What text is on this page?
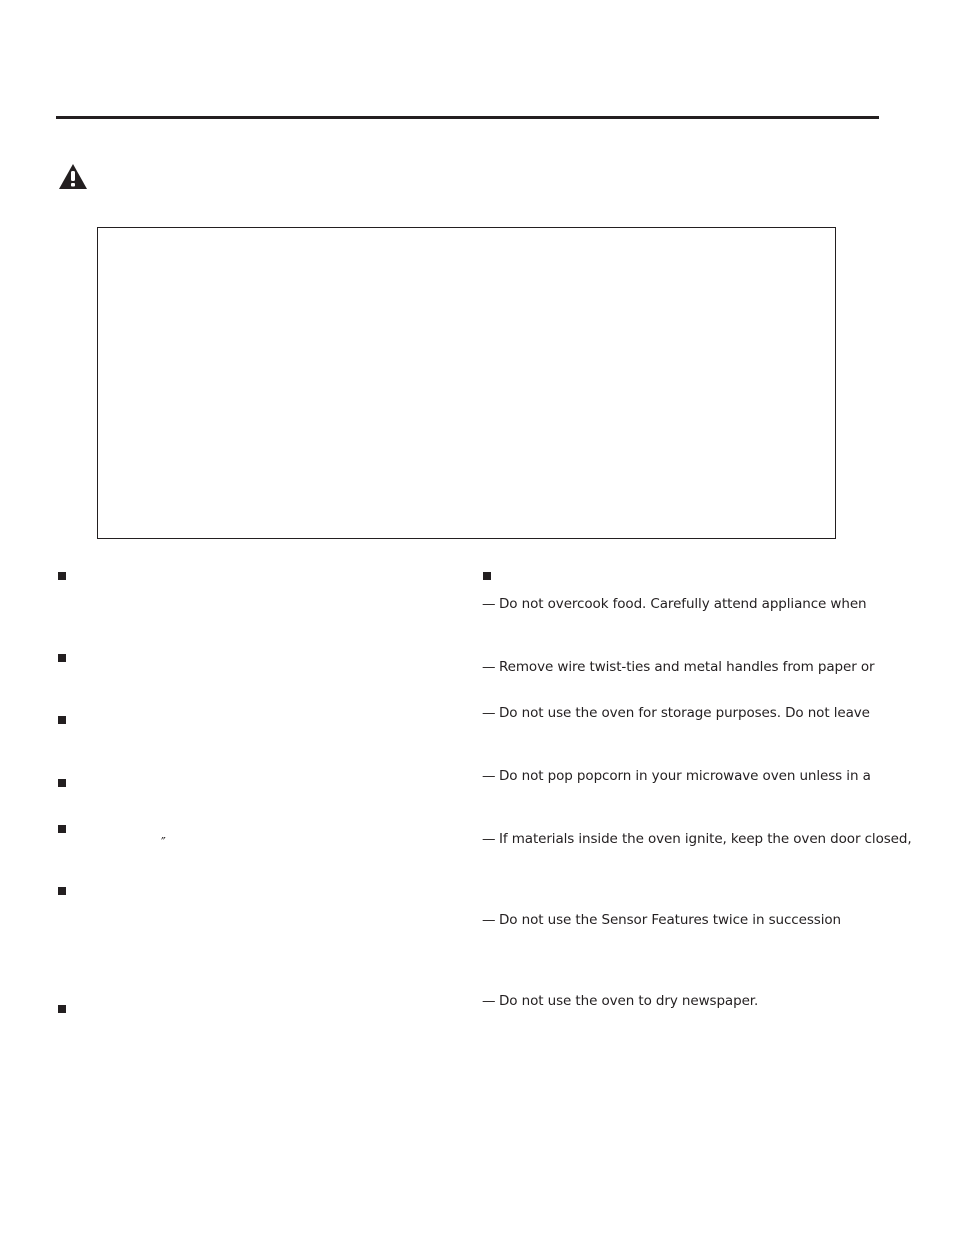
″
— Do not overcook food. Carefully attend appliance when
— Remove wire twist-ties and metal handles from paper or
— Do not use the oven for storage purposes. Do not leave
— Do not pop popcorn in your microwave oven unless in a
— If materials inside the oven ignite, keep the oven door closed,
— Do not use the Sensor Features twice in succession
— Do not use the oven to dry newspaper.
